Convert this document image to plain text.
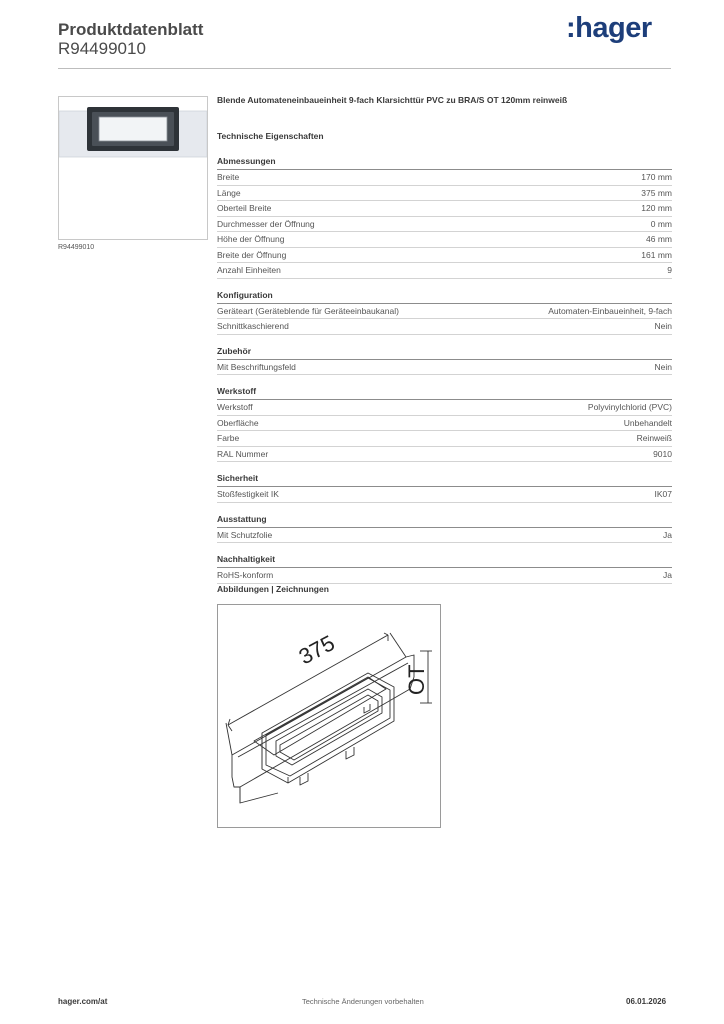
Produktdatenblatt
R94499010
:hager
R94499010
Blende Automateneinbaueinheit 9-fach Klarsichttür PVC zu BRA/S OT 120mm reinweiß
Technische Eigenschaften
Abmessungen
Breite	170 mm
Länge	375 mm
Oberteil Breite	120 mm
Durchmesser der Öffnung	0 mm
Höhe der Öffnung	46 mm
Breite der Öffnung	161 mm
Anzahl Einheiten	9
Konfiguration
Geräteart (Geräteblende für Geräteeinbaukanal)	Automaten-Einbaueinheit, 9-fach
Schnittkaschierend	Nein
Zubehör
Mit Beschriftungsfeld	Nein
Werkstoff
Werkstoff	Polyvinylchlorid (PVC)
Oberfläche	Unbehandelt
Farbe	Reinweiß
RAL Nummer	9010
Sicherheit
Stoßfestigkeit IK	IK07
Ausstattung
Mit Schutzfolie	Ja
Nachhaltigkeit
RoHS-konform	Ja
Abbildungen | Zeichnungen
375
OT
hager.com/at	Technische Änderungen vorbehalten	06.01.2026
